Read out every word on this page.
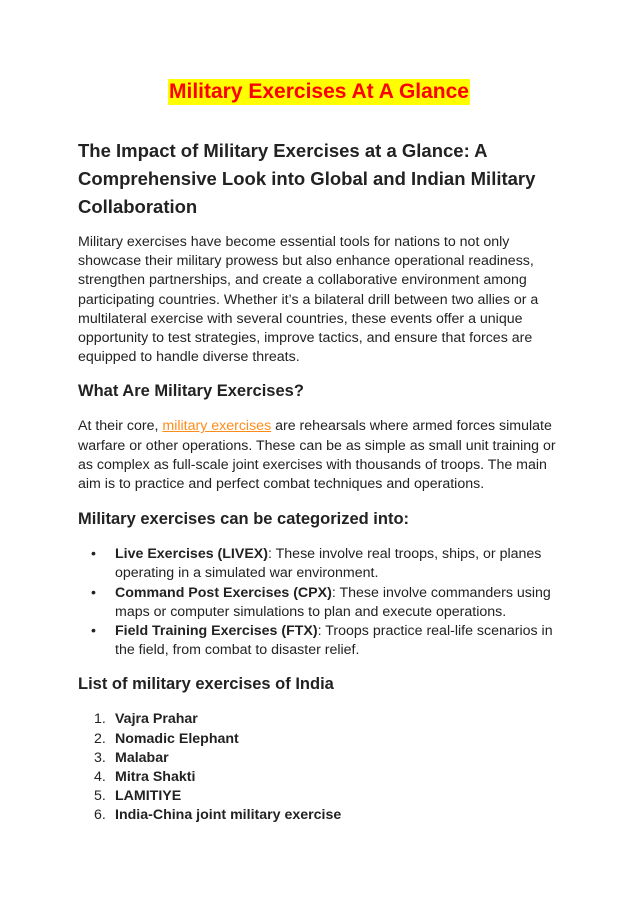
Military Exercises At A Glance
The Impact of Military Exercises at a Glance: A Comprehensive Look into Global and Indian Military Collaboration

Military exercises have become essential tools for nations to not only showcase their military prowess but also enhance operational readiness, strengthen partnerships, and create a collaborative environment among participating countries. Whether it’s a bilateral drill between two allies or a multilateral exercise with several countries, these events offer a unique opportunity to test strategies, improve tactics, and ensure that forces are equipped to handle diverse threats.

What Are Military Exercises?

At their core, military exercises are rehearsals where armed forces simulate warfare or other operations. These can be as simple as small unit training or as complex as full-scale joint exercises with thousands of troops. The main aim is to practice and perfect combat techniques and operations.

Military exercises can be categorized into:
• Live Exercises (LIVEX): These involve real troops, ships, or planes operating in a simulated war environment.
• Command Post Exercises (CPX): These involve commanders using maps or computer simulations to plan and execute operations.
• Field Training Exercises (FTX): Troops practice real-life scenarios in the field, from combat to disaster relief.
List of military exercises of India
1. Vajra Prahar
2. Nomadic Elephant
3. Malabar
4. Mitra Shakti
5. LAMITIYE
6. India-China joint military exercise
